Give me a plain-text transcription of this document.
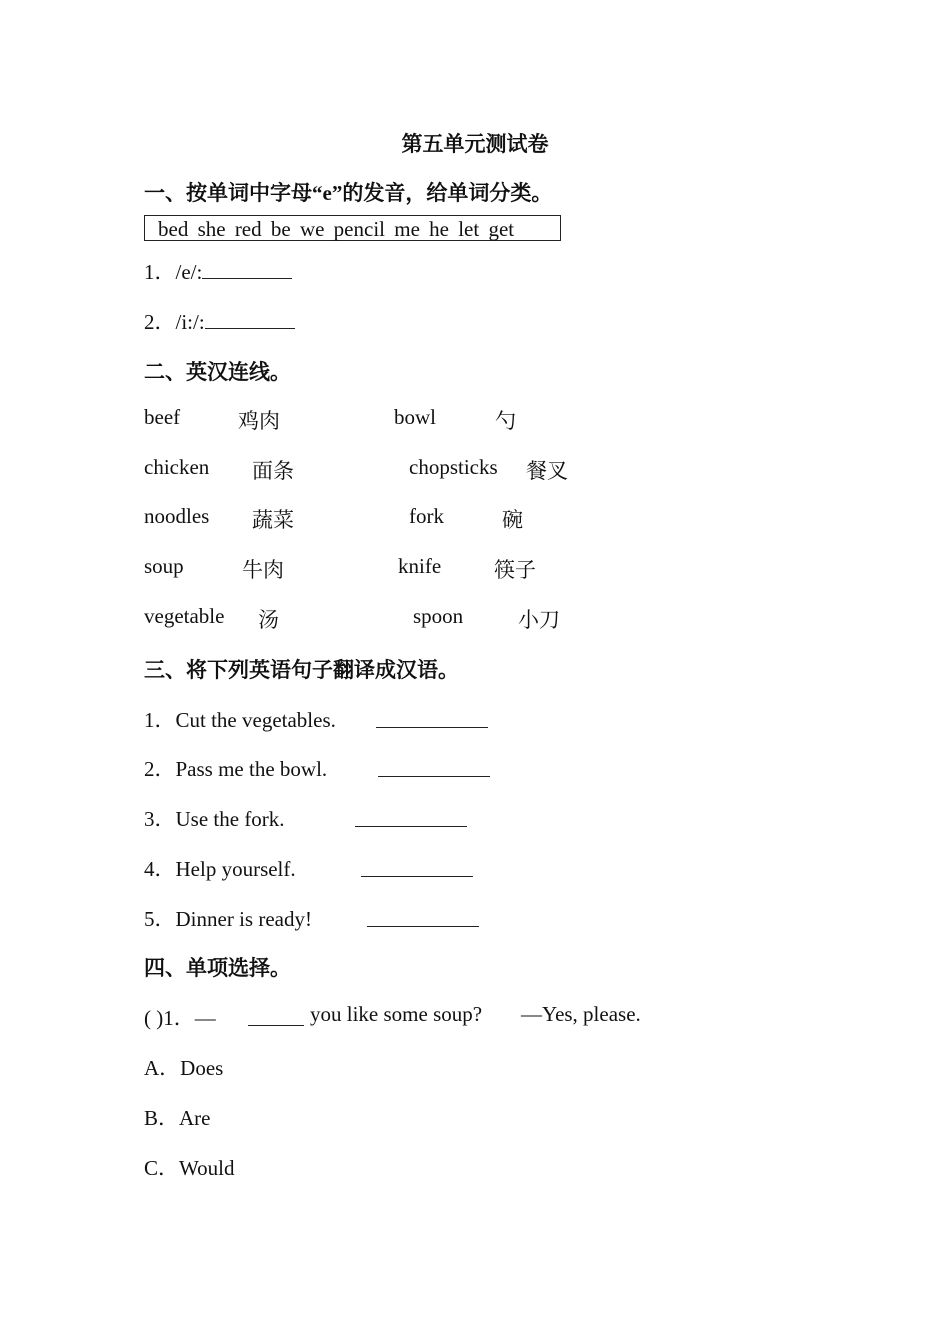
第五单元测试卷
一、按单词中字母“e”的发音，给单词分类。
bed she red be we pencil me he let get
1．/e/:
2．/i:/:
二、英汉连线。
beef	鸡肉	bowl	勺
chicken 面条	chopsticks 餐叉
noodles 蔬菜	fork	碗
soup	牛肉	knife	筷子
vegetable 汤	spoon	小刀
三、将下列英语句子翻译成汉语。
1．Cut the vegetables.
2．Pass me the bowl.
3．Use the fork.
4．Help yourself.
5．Dinner is ready!
四、单项选择。
( )1．—	you like some soup? —Yes, please.
A．Does
B．Are
C．Would
